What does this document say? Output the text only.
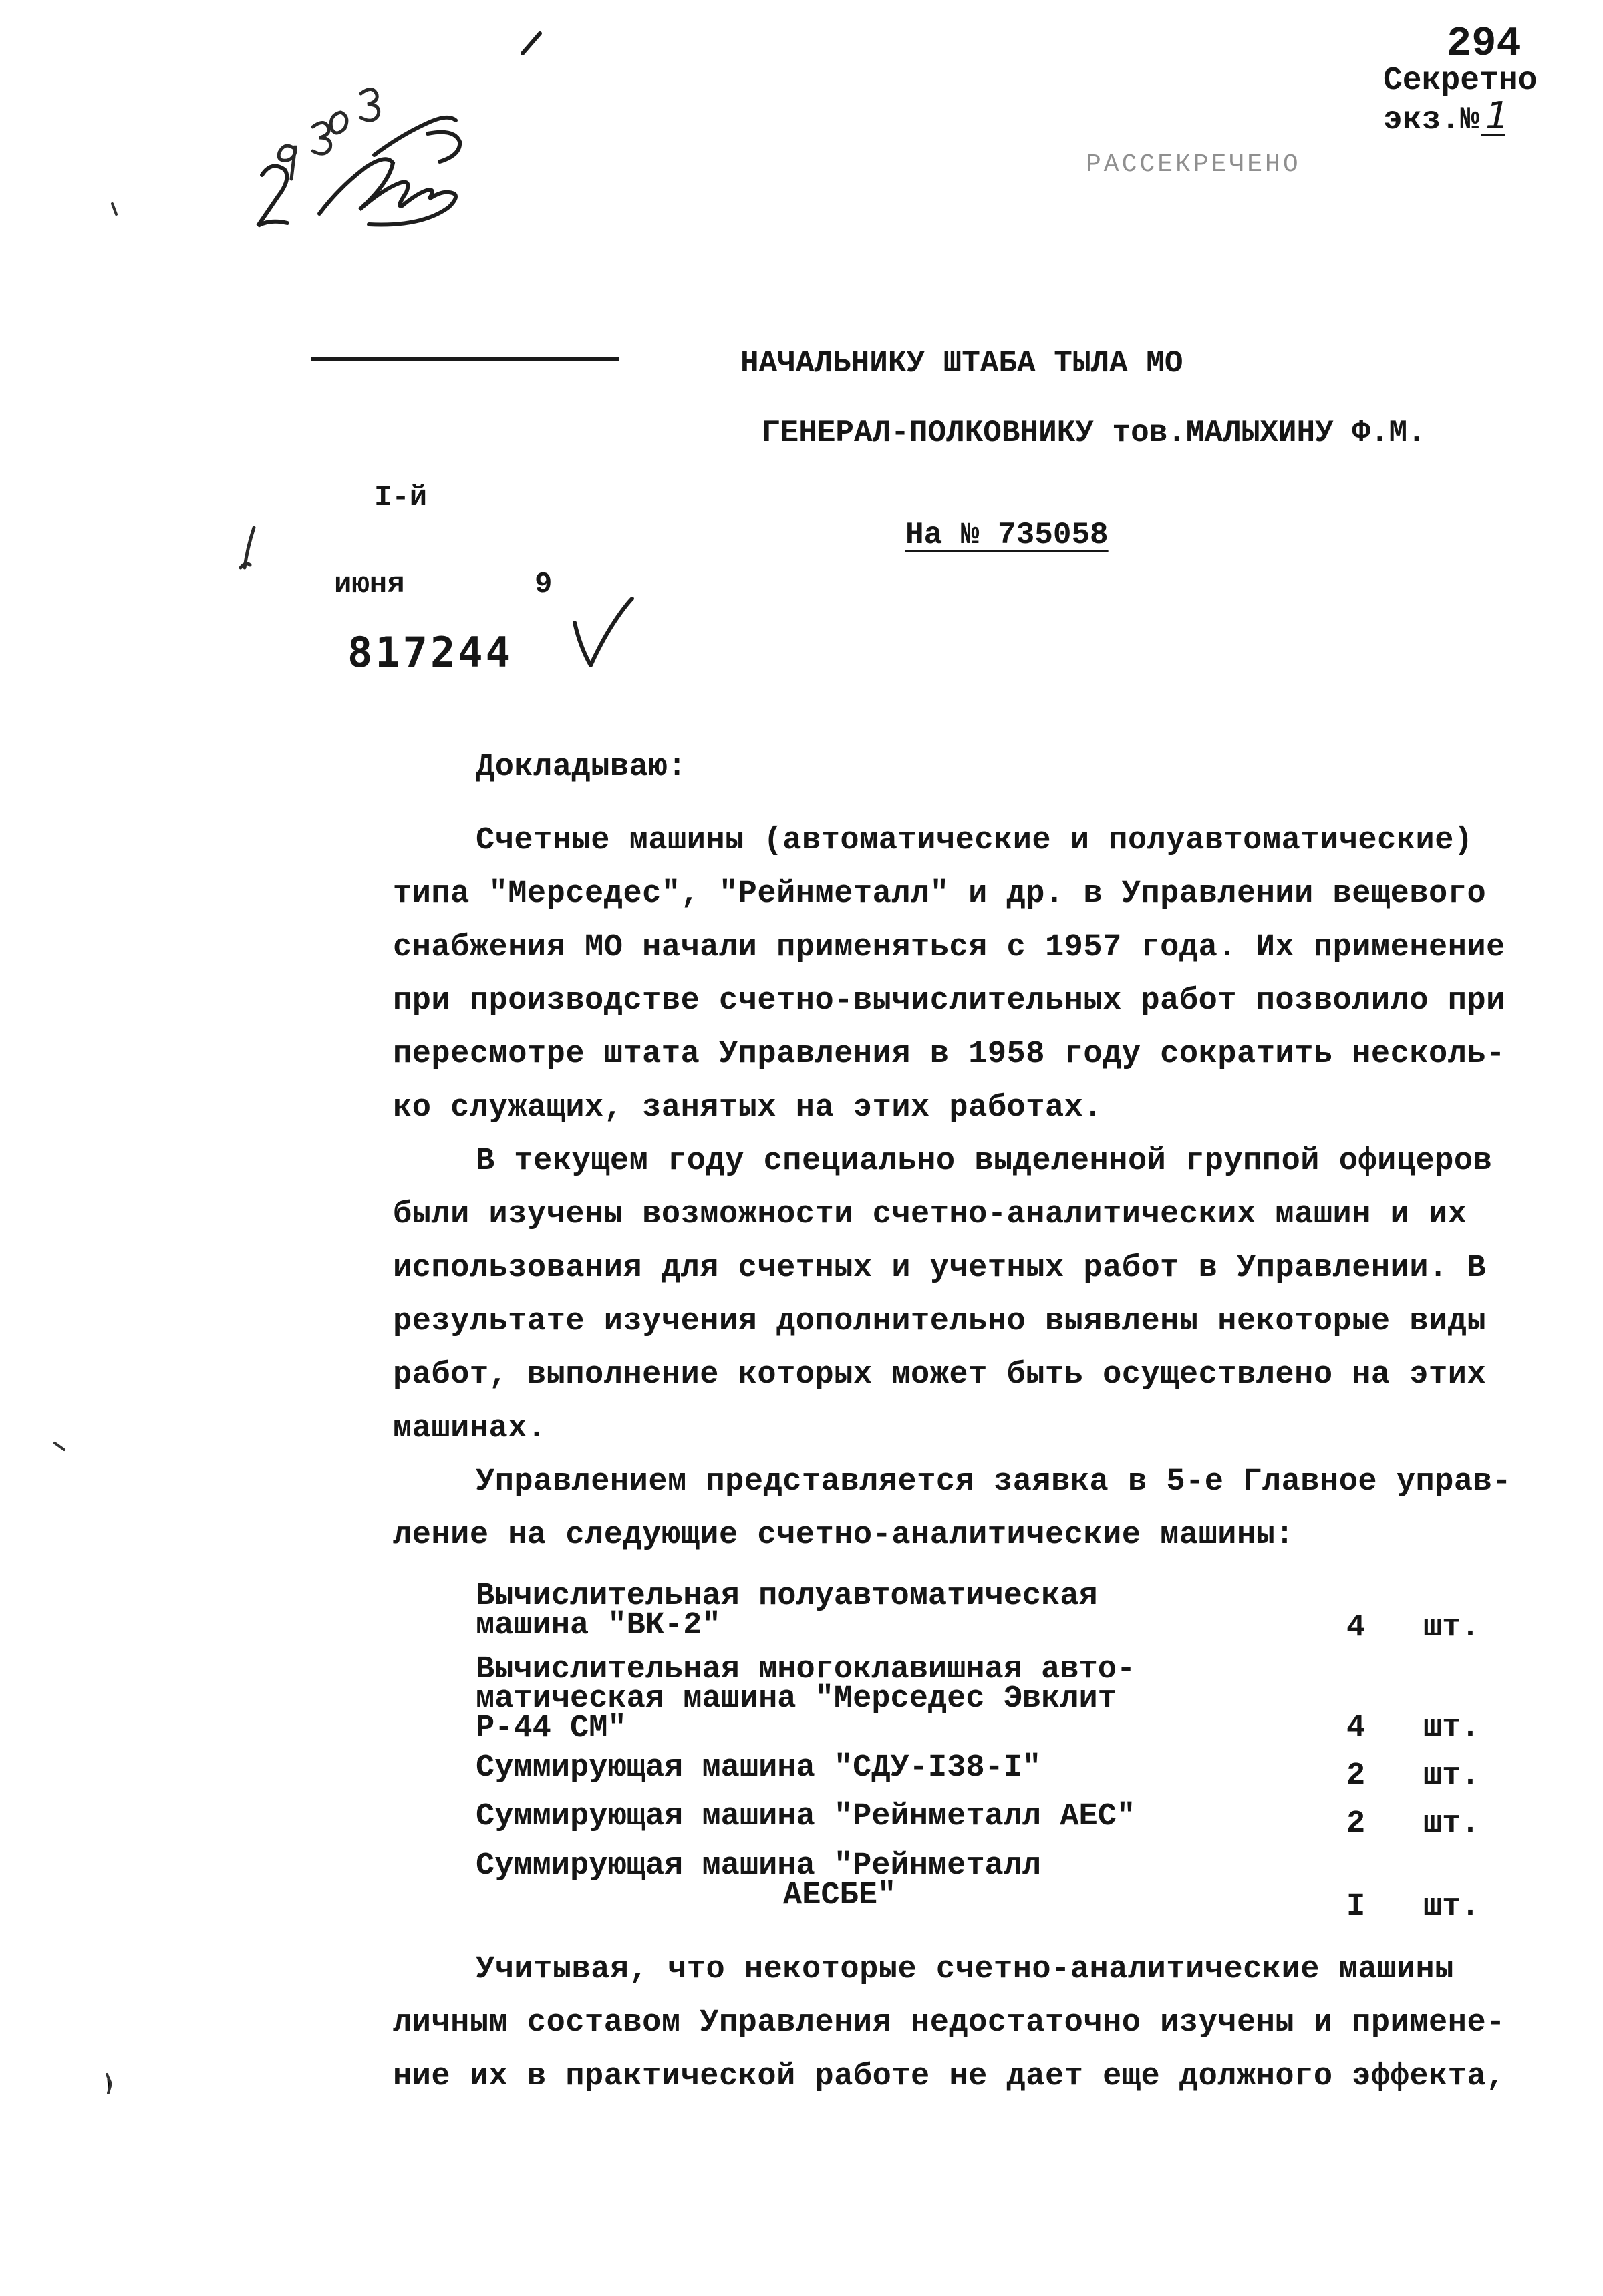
294
Секретно
экз.№1
РАССЕКРЕЧЕНО
НАЧАЛЬНИКУ ШТАБА ТЫЛА МО
ГЕНЕРАЛ-ПОЛКОВНИКУ тов.МАЛЫХИНУ Ф.М.
На № 735058
I-й
июня	9
817244
Докладываю:
Счетные машины (автоматические и полуавтоматические)
типа "Мерседес", "Рейнметалл" и др. в Управлении вещевого
снабжения МО начали применяться с 1957 года. Их применение
при производстве счетно-вычислительных работ позволило при
пересмотре штата Управления в 1958 году сократить несколь-
ко служащих, занятых на этих работах.
В текущем году специально выделенной группой офицеров
были изучены возможности счетно-аналитических машин и их
использования для счетных и учетных работ в Управлении. В
результате изучения дополнительно выявлены некоторые виды
работ, выполнение которых может быть осуществлено на этих
машинах.
Управлением представляется заявка в 5-е Главное управ-
ление на следующие счетно-аналитические машины:
Вычислительная полуавтоматическая
машина "ВК-2"	4 шт.
Вычислительная многоклавишная авто-
матическая машина "Мерседес Эвклит
Р-44 СМ"	4 шт.
Суммирующая машина "СДУ-I38-I"	2 шт.
Суммирующая машина "Рейнметалл АЕС"	2 шт.
Суммирующая машина "Рейнметалл
АЕСБЕ"	I шт.
Учитывая, что некоторые счетно-аналитические машины
личным составом Управления недостаточно изучены и примене-
ние их в практической работе не дает еще должного эффекта,
